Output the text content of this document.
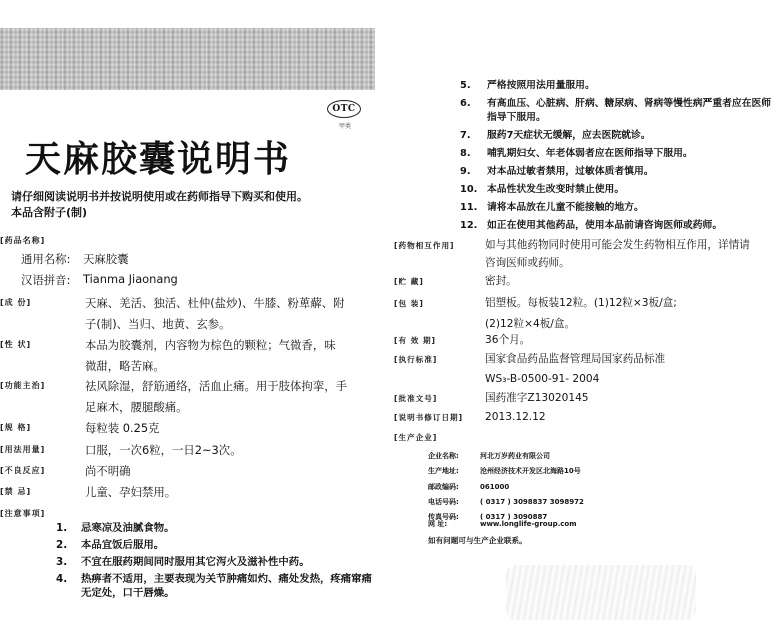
OTC
甲类
天麻胶囊说明书
请仔细阅读说明书并按说明使用或在药师指导下购买和使用。
本品含附子(制)
[ 药品名称]
通用名称: 天麻胶囊
汉语拼音: Tianma Jiaonang
[ 成 份]	天麻、羌活、独活、杜仲(盐炒)、牛膝、粉萆薢、附

子(制)、当归、地黄、玄参。

[ 性 状]	本品为胶囊剂，内容物为棕色的颗粒；气微香，味

微甜，略苦麻。

[ 功能主治]	祛风除湿，舒筋通络，活血止痛。用于肢体拘挛，手

足麻木，腰腿酸痛。

[ 规 格]	每粒装 0.25克

[ 用法用量]	口服，一次6粒，一日2~3次。

[ 不良反应]	尚不明确

[ 禁 忌]	儿童、孕妇禁用。

[ 注意事项]
1. 忌寒凉及油腻食物。
2. 本品宜饭后服用。
3. 不宜在服药期间同时服用其它泻火及滋补性中药。
4. 热痹者不适用，主要表现为关节肿痛如灼、痛处发热，疼痛窜痛无定处，口干唇燥。
5. 严格按照用法用量服用。
6. 有高血压、心脏病、肝病、糖尿病、肾病等慢性病严重者应在医师指导下服用。
7. 服药7天症状无缓解，应去医院就诊。
8. 哺乳期妇女、年老体弱者应在医师指导下服用。
9. 对本品过敏者禁用，过敏体质者慎用。
10. 本品性状发生改变时禁止使用。
11. 请将本品放在儿童不能接触的地方。
12. 如正在使用其他药品，使用本品前请咨询医师或药师。
[ 药物相互作用]	如与其他药物同时使用可能会发生药物相互作用，详情请

咨询医师或药师。

[ 贮 藏]	密封。

[ 包 装]	铝塑板。每板装12粒。(1)12粒×3板/盒;

(2)12粒×4板/盒。

[ 有 效 期]	36个月。

[ 执行标准]	国家食品药品监督管理局国家药品标准

WS₃-B-0500-91- 2004

[ 批准文号]	国药准字Z13020145

[ 说明书修订日期]	2013.12.12

[ 生产企业]
企业名称:	河北万岁药业有限公司
生产地址:	沧州经济技术开发区北海路10号
邮政编码:	061000
电话号码:	( 0317 ) 3098837 3098972
传真号码:	( 0317 ) 3090887
网 址:	www.longlife-group.com
如有问题可与生产企业联系。
